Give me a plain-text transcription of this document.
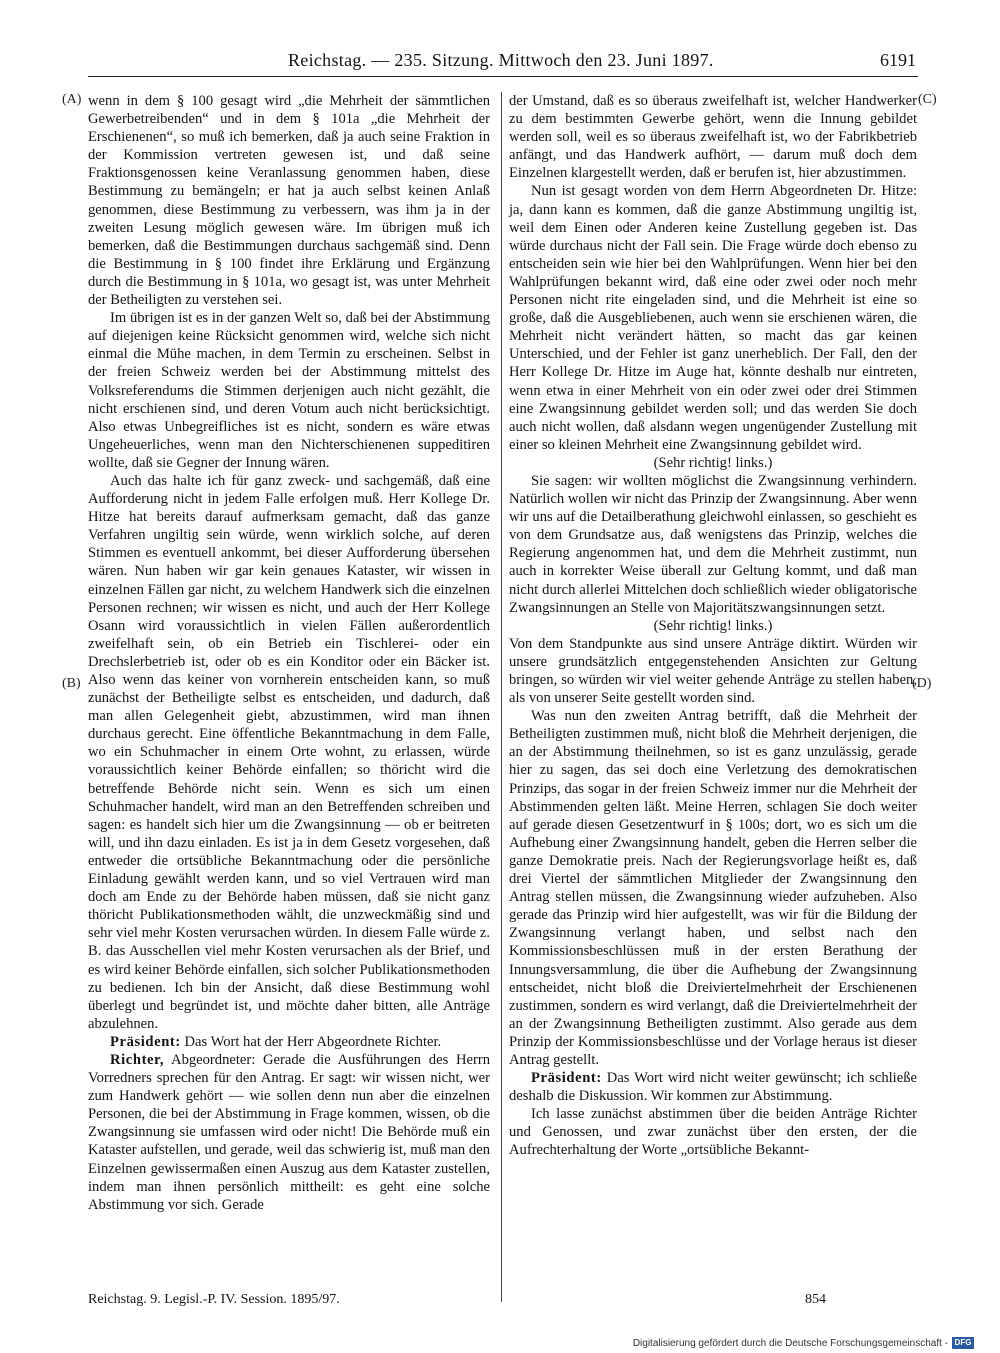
Reichstag. — 235. Sitzung. Mittwoch den 23. Juni 1897.	6191
(A)
(B)
(C)
(D)

wenn in dem § 100 gesagt wird „die Mehrheit der sämmtlichen Gewerbetreibenden“ und in dem § 101a „die Mehrheit der Erschienenen“, so muß ich bemerken, daß ja auch seine Fraktion in der Kommission vertreten gewesen ist, und daß seine Fraktionsgenossen keine Veranlassung genommen haben, diese Bestimmung zu bemängeln; er hat ja auch selbst keinen Anlaß genommen, diese Bestimmung zu verbessern, was ihm ja in der zweiten Lesung möglich gewesen wäre. Im übrigen muß ich bemerken, daß die Bestimmungen durchaus sachgemäß sind. Denn die Bestimmung in § 100 findet ihre Erklärung und Ergänzung durch die Bestimmung in § 101a, wo gesagt ist, was unter Mehrheit der Betheiligten zu verstehen sei.

Im übrigen ist es in der ganzen Welt so, daß bei der Abstimmung auf diejenigen keine Rücksicht genommen wird, welche sich nicht einmal die Mühe machen, in dem Termin zu erscheinen. Selbst in der freien Schweiz werden bei der Abstimmung mittelst des Volksreferendums die Stimmen derjenigen auch nicht gezählt, die nicht erschienen sind, und deren Votum auch nicht berücksichtigt. Also etwas Unbegreifliches ist es nicht, sondern es wäre etwas Ungeheuerliches, wenn man den Nichterschienenen suppeditiren wollte, daß sie Gegner der Innung wären.

Auch das halte ich für ganz zweck- und sachgemäß, daß eine Aufforderung nicht in jedem Falle erfolgen muß. Herr Kollege Dr. Hitze hat bereits darauf aufmerksam gemacht, daß das ganze Verfahren ungiltig sein würde, wenn wirklich solche, auf deren Stimmen es eventuell ankommt, bei dieser Aufforderung übersehen wären. Nun haben wir gar kein genaues Kataster, wir wissen in einzelnen Fällen gar nicht, zu welchem Handwerk sich die einzelnen Personen rechnen; wir wissen es nicht, und auch der Herr Kollege Osann wird voraussichtlich in vielen Fällen außerordentlich zweifelhaft sein, ob ein Betrieb ein Tischlerei- oder ein Drechslerbetrieb ist, oder ob es ein Konditor oder ein Bäcker ist. Also wenn das keiner von vornherein entscheiden kann, so muß zunächst der Betheiligte selbst es entscheiden, und dadurch, daß man allen Gelegenheit giebt, abzustimmen, wird man ihnen durchaus gerecht. Eine öffentliche Bekanntmachung in dem Falle, wo ein Schuhmacher in einem Orte wohnt, zu erlassen, würde voraussichtlich keiner Behörde einfallen; so thöricht wird die betreffende Behörde nicht sein. Wenn es sich um einen Schuhmacher handelt, wird man an den Betreffenden schreiben und sagen: es handelt sich hier um die Zwangsinnung — ob er beitreten will, und ihn dazu einladen. Es ist ja in dem Gesetz vorgesehen, daß entweder die ortsübliche Bekanntmachung oder die persönliche Einladung gewählt werden kann, und so viel Vertrauen wird man doch am Ende zu der Behörde haben müssen, daß sie nicht ganz thöricht Publikationsmethoden wählt, die unzweckmäßig sind und sehr viel mehr Kosten verursachen würden. In diesem Falle würde z. B. das Ausschellen viel mehr Kosten verursachen als der Brief, und es wird keiner Behörde einfallen, sich solcher Publikationsmethoden zu bedienen. Ich bin der Ansicht, daß diese Bestimmung wohl überlegt und begründet ist, und möchte daher bitten, alle Anträge abzulehnen.

Präsident: Das Wort hat der Herr Abgeordnete Richter.

Richter, Abgeordneter: Gerade die Ausführungen des Herrn Vorredners sprechen für den Antrag. Er sagt: wir wissen nicht, wer zum Handwerk gehört — wie sollen denn nun aber die einzelnen Personen, die bei der Abstimmung in Frage kommen, wissen, ob die Zwangsinnung sie umfassen wird oder nicht! Die Behörde muß ein Kataster aufstellen, und gerade, weil das schwierig ist, muß man den Einzelnen gewissermaßen einen Auszug aus dem Kataster zustellen, indem man ihnen persönlich mittheilt: es geht eine solche Abstimmung vor sich. Gerade

der Umstand, daß es so überaus zweifelhaft ist, welcher Handwerker zu dem bestimmten Gewerbe gehört, wenn die Innung gebildet werden soll, weil es so überaus zweifelhaft ist, wo der Fabrikbetrieb anfängt, und das Handwerk aufhört, — darum muß doch dem Einzelnen klargestellt werden, daß er berufen ist, hier abzustimmen.

Nun ist gesagt worden von dem Herrn Abgeordneten Dr. Hitze: ja, dann kann es kommen, daß die ganze Abstimmung ungiltig ist, weil dem Einen oder Anderen keine Zustellung gegeben ist. Das würde durchaus nicht der Fall sein. Die Frage würde doch ebenso zu entscheiden sein wie hier bei den Wahlprüfungen. Wenn hier bei den Wahlprüfungen bekannt wird, daß eine oder zwei oder noch mehr Personen nicht rite eingeladen sind, und die Mehrheit ist eine so große, daß die Ausgebliebenen, auch wenn sie erschienen wären, die Mehrheit nicht verändert hätten, so macht das gar keinen Unterschied, und der Fehler ist ganz unerheblich. Der Fall, den der Herr Kollege Dr. Hitze im Auge hat, könnte deshalb nur eintreten, wenn etwa in einer Mehrheit von ein oder zwei oder drei Stimmen eine Zwangsinnung gebildet werden soll; und das werden Sie doch auch nicht wollen, daß alsdann wegen ungenügender Zustellung mit einer so kleinen Mehrheit eine Zwangsinnung gebildet wird.

(Sehr richtig! links.)

Sie sagen: wir wollten möglichst die Zwangsinnung verhindern. Natürlich wollen wir nicht das Prinzip der Zwangsinnung. Aber wenn wir uns auf die Detailberathung gleichwohl einlassen, so geschieht es von dem Grundsatze aus, daß wenigstens das Prinzip, welches die Regierung angenommen hat, und dem die Mehrheit zustimmt, nun auch in korrekter Weise überall zur Geltung kommt, und daß man nicht durch allerlei Mittelchen doch schließlich wieder obligatorische Zwangsinnungen an Stelle von Majoritätszwangsinnungen setzt.

(Sehr richtig! links.)

Von dem Standpunkte aus sind unsere Anträge diktirt. Würden wir unsere grundsätzlich entgegenstehenden Ansichten zur Geltung bringen, so würden wir viel weiter gehende Anträge zu stellen haben, als von unserer Seite gestellt worden sind.

Was nun den zweiten Antrag betrifft, daß die Mehrheit der Betheiligten zustimmen muß, nicht bloß die Mehrheit derjenigen, die an der Abstimmung theilnehmen, so ist es ganz unzulässig, gerade hier zu sagen, das sei doch eine Verletzung des demokratischen Prinzips, das sogar in der freien Schweiz immer nur die Mehrheit der Abstimmenden gelten läßt. Meine Herren, schlagen Sie doch weiter auf gerade diesen Gesetzentwurf in § 100s; dort, wo es sich um die Aufhebung einer Zwangsinnung handelt, geben die Herren selber die ganze Demokratie preis. Nach der Regierungsvorlage heißt es, daß drei Viertel der sämmtlichen Mitglieder der Zwangsinnung den Antrag stellen müssen, die Zwangsinnung wieder aufzuheben. Also gerade das Prinzip wird hier aufgestellt, was wir für die Bildung der Zwangsinnung verlangt haben, und selbst nach den Kommissionsbeschlüssen muß in der ersten Berathung der Innungsversammlung, die über die Aufhebung der Zwangsinnung entscheidet, nicht bloß die Dreiviertelmehrheit der Erschienenen zustimmen, sondern es wird verlangt, daß die Dreiviertelmehrheit der an der Zwangsinnung Betheiligten zustimmt. Also gerade aus dem Prinzip der Kommissionsbeschlüsse und der Vorlage heraus ist dieser Antrag gestellt.

Präsident: Das Wort wird nicht weiter gewünscht; ich schließe deshalb die Diskussion. Wir kommen zur Abstimmung.

Ich lasse zunächst abstimmen über die beiden Anträge Richter und Genossen, und zwar zunächst über den ersten, der die Aufrechterhaltung der Worte „ortsübliche Bekannt-

Reichstag. 9. Legisl.-P. IV. Session. 1895/97.	854
Digitalisierung gefördert durch die Deutsche Forschungsgemeinschaft - DFG
